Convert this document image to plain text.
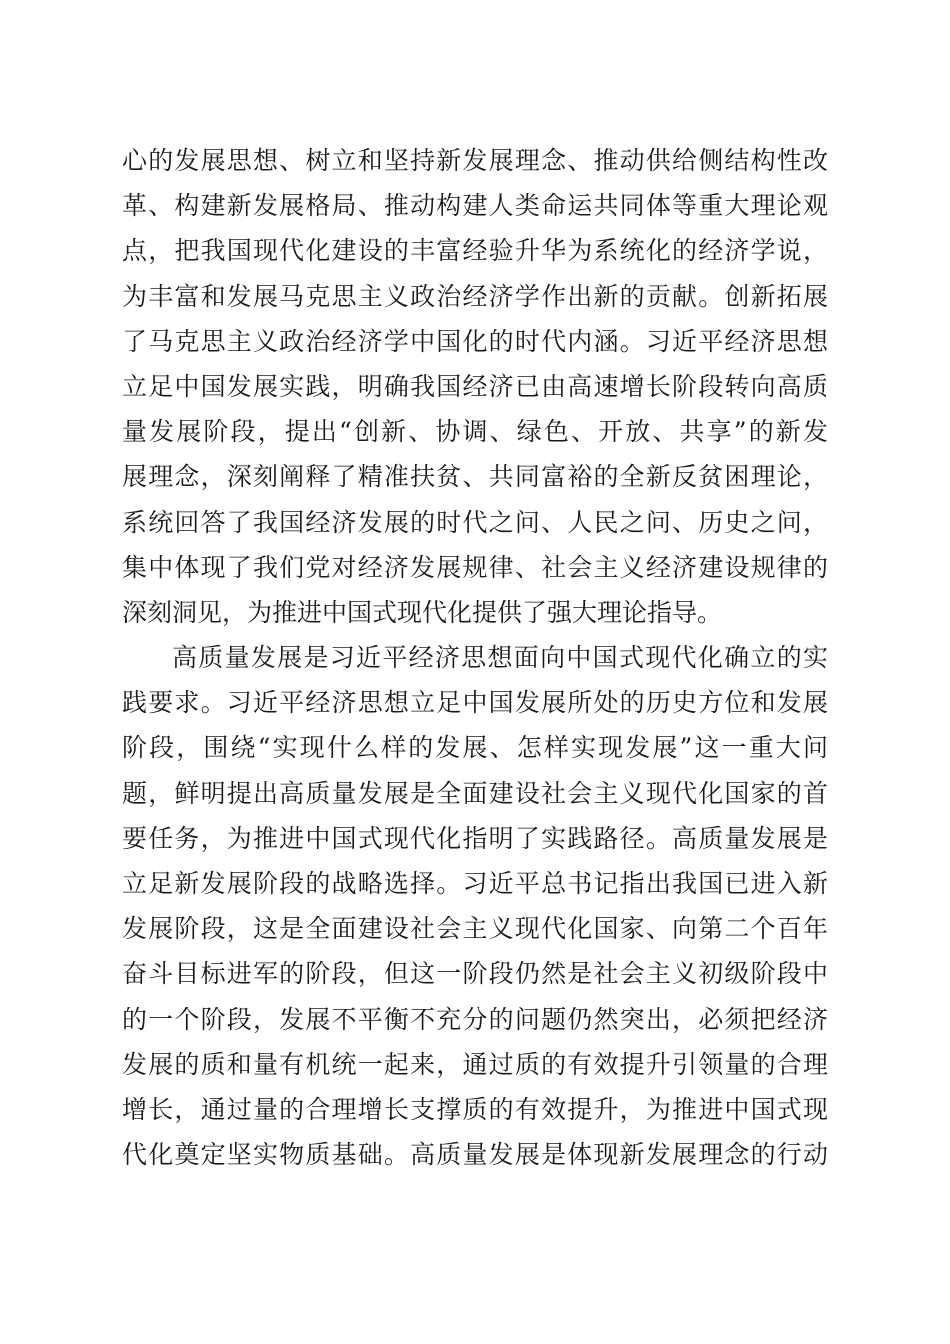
心的发展思想、树立和坚持新发展理念、推动供给侧结构性改
革、构建新发展格局、推动构建人类命运共同体等重大理论观
点，把我国现代化建设的丰富经验升华为系统化的经济学说，
为丰富和发展马克思主义政治经济学作出新的贡献。创新拓展
了马克思主义政治经济学中国化的时代内涵。习近平经济思想
立足中国发展实践，明确我国经济已由高速增长阶段转向高质
量发展阶段，提出“创新、协调、绿色、开放、共享”的新发
展理念，深刻阐释了精准扶贫、共同富裕的全新反贫困理论，
系统回答了我国经济发展的时代之问、人民之问、历史之问，
集中体现了我们党对经济发展规律、社会主义经济建设规律的
深刻洞见，为推进中国式现代化提供了强大理论指导。
高质量发展是习近平经济思想面向中国式现代化确立的实
践要求。习近平经济思想立足中国发展所处的历史方位和发展
阶段，围绕“实现什么样的发展、怎样实现发展”这一重大问
题，鲜明提出高质量发展是全面建设社会主义现代化国家的首
要任务，为推进中国式现代化指明了实践路径。高质量发展是
立足新发展阶段的战略选择。习近平总书记指出我国已进入新
发展阶段，这是全面建设社会主义现代化国家、向第二个百年
奋斗目标进军的阶段，但这一阶段仍然是社会主义初级阶段中
的一个阶段，发展不平衡不充分的问题仍然突出，必须把经济
发展的质和量有机统一起来，通过质的有效提升引领量的合理
增长，通过量的合理增长支撑质的有效提升，为推进中国式现
代化奠定坚实物质基础。高质量发展是体现新发展理念的行动
